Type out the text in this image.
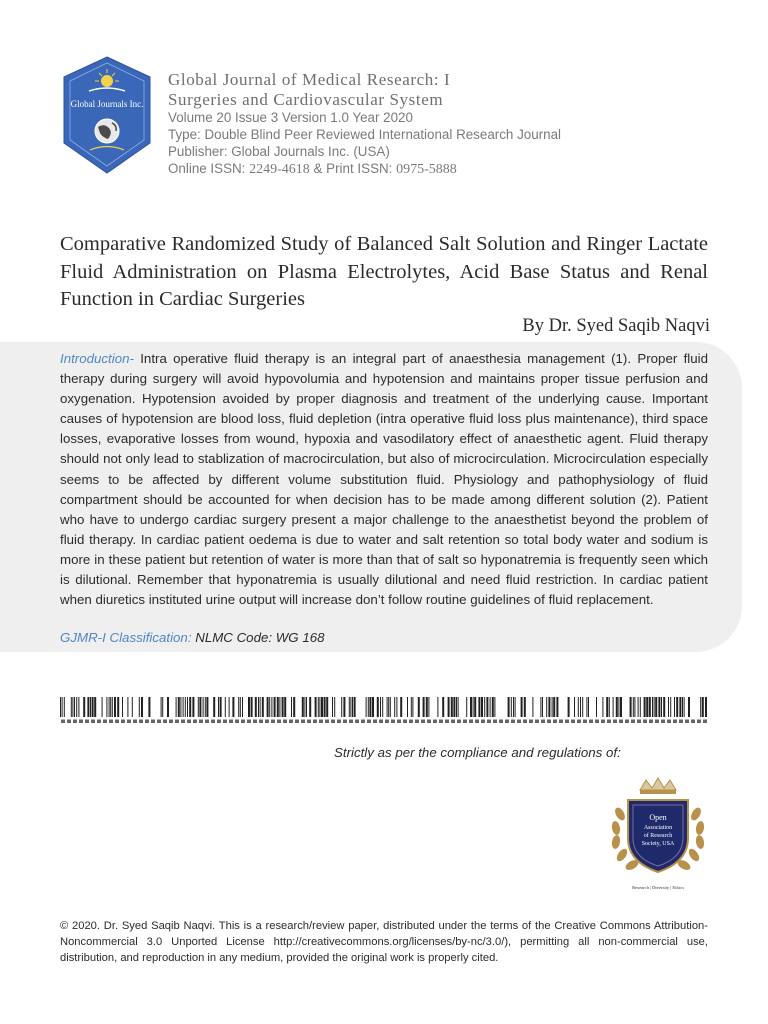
Global Journals Inc.
Global Journal of Medical Research: I
Surgeries and Cardiovascular System
Volume 20 Issue 3 Version 1.0 Year 2020
Type: Double Blind Peer Reviewed International Research Journal
Publisher: Global Journals Inc. (USA)
Online ISSN: 2249-4618 & Print ISSN: 0975-5888
Comparative Randomized Study of Balanced Salt Solution and Ringer Lactate Fluid Administration on Plasma Electrolytes, Acid Base Status and Renal Function in Cardiac Surgeries
By Dr. Syed Saqib Naqvi

Introduction- Intra operative fluid therapy is an integral part of anaesthesia management (1). Proper fluid therapy during surgery will avoid hypovolumia and hypotension and maintains proper tissue perfusion and oxygenation. Hypotension avoided by proper diagnosis and treatment of the underlying cause. Important causes of hypotension are blood loss, fluid depletion (intra operative fluid loss plus maintenance), third space losses, evaporative losses from wound, hypoxia and vasodilatory effect of anaesthetic agent. Fluid therapy should not only lead to stablization of macrocirculation, but also of microcirculation. Microcirculation especially seems to be affected by different volume substitution fluid. Physiology and pathophysiology of fluid compartment should be accounted for when decision has to be made among different solution (2). Patient who have to undergo cardiac surgery present a major challenge to the anaesthetist beyond the problem of fluid therapy. In cardiac patient oedema is due to water and salt retention so total body water and sodium is more in these patient but retention of water is more than that of salt so hyponatremia is frequently seen which is dilutional. Remember that hyponatremia is usually dilutional and need fluid restriction. In cardiac patient when diuretics instituted urine output will increase don’t follow routine guidelines of fluid replacement.

GJMR-I Classification: NLMC Code: WG 168
Strictly as per the compliance and regulations of:
Open
Association
of Research
Society, USA
Research | Diversity | Ethics

© 2020. Dr. Syed Saqib Naqvi. This is a research/review paper, distributed under the terms of the Creative Commons Attribution-Noncommercial 3.0 Unported License http://creativecommons.org/licenses/by-nc/3.0/), permitting all non-commercial use, distribution, and reproduction in any medium, provided the original work is properly cited.
